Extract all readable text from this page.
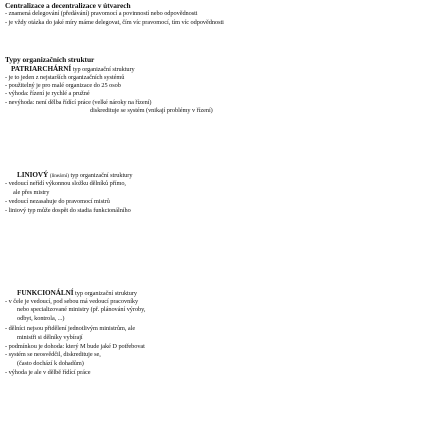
Centralizace a decentralizace v útvarech
- znamená delegování (předávání) pravomocí a povinností nebo odpovědnosti
- je vždy otázka do jaké míry máme delegovat, čím víc pravomocí, tím víc odpovědnosti
Typy organizačních struktur
PATRIARCHÁRNÍ typ organizační struktury
- je to jeden z nejstarších organizačních systémů
- použitelný je pro malé organizace do 25 osob
- výhoda: řízení je rychlé a pružné
- nevýhoda: není dělba řídící práce (velké nároky na řízení)
diskredituje se systém (vnikají problémy v řízení)
LINIOVÝ (lineární) typ organizační struktury
- vedoucí neřídí výkonnou složku dělníků přímo,
ale přes mistry
- vedoucí nezasahuje do pravomocí mistrů
- liniový typ může dospět do stadia funkcionálního
FUNKCIONÁLNÍ typ organizační struktury
- v čele je vedoucí, pod sebou má vedoucí pracovníky
nebo specializované ministry (př. plánování výroby,
odbyt, kontrola, ...)
- dělníci nejsou přidělení jednotlivým ministrům, ale
ministři si dělníky vybírají
- podmínkou je dohoda: který M bude jaké D potřebovat
- systém se neosvědčil, diskredituje se,
(často dochází k dohadům)
- výhoda je ale v dělbě řídící práce
